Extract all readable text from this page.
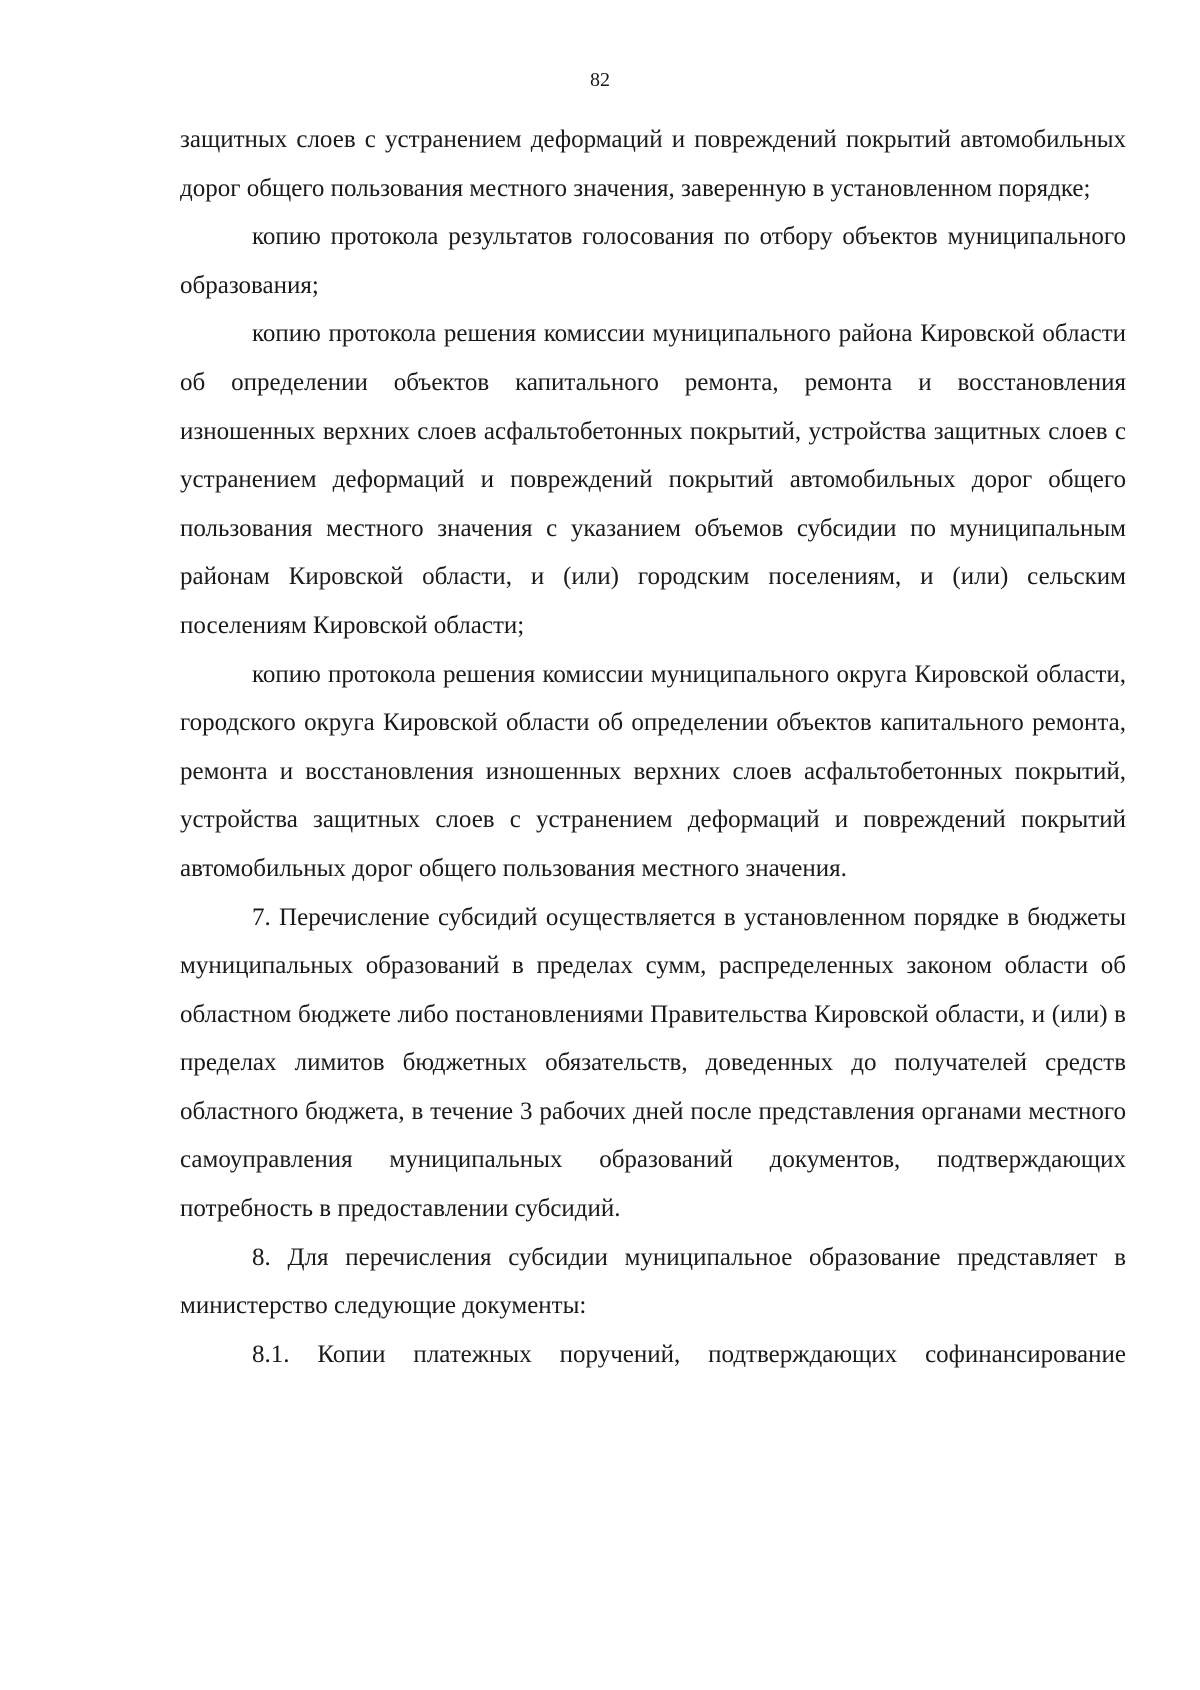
82

защитных слоев с устранением деформаций и повреждений покрытий автомобильных дорог общего пользования местного значения, заверенную в установленном порядке;

копию протокола результатов голосования по отбору объектов муниципального образования;

копию протокола решения комиссии муниципального района Кировской области об определении объектов капитального ремонта, ремонта и восстановления изношенных верхних слоев асфальтобетонных покрытий, устройства защитных слоев с устранением деформаций и повреждений покрытий автомобильных дорог общего пользования местного значения с указанием объемов субсидии по муниципальным районам Кировской области, и (или) городским поселениям, и (или) сельским поселениям Кировской области;

копию протокола решения комиссии муниципального округа Кировской области, городского округа Кировской области об определении объектов капитального ремонта, ремонта и восстановления изношенных верхних слоев асфальтобетонных покрытий, устройства защитных слоев с устранением деформаций и повреждений покрытий автомобильных дорог общего пользования местного значения.

7. Перечисление субсидий осуществляется в установленном порядке в бюджеты муниципальных образований в пределах сумм, распределенных законом области об областном бюджете либо постановлениями Правительства Кировской области, и (или) в пределах лимитов бюджетных обязательств, доведенных до получателей средств областного бюджета, в течение 3 рабочих дней после представления органами местного самоуправления муниципальных образований документов, подтверждающих потребность в предоставлении субсидий.

8. Для перечисления субсидии муниципальное образование представляет в министерство следующие документы:

8.1. Копии платежных поручений, подтверждающих софинансирование
